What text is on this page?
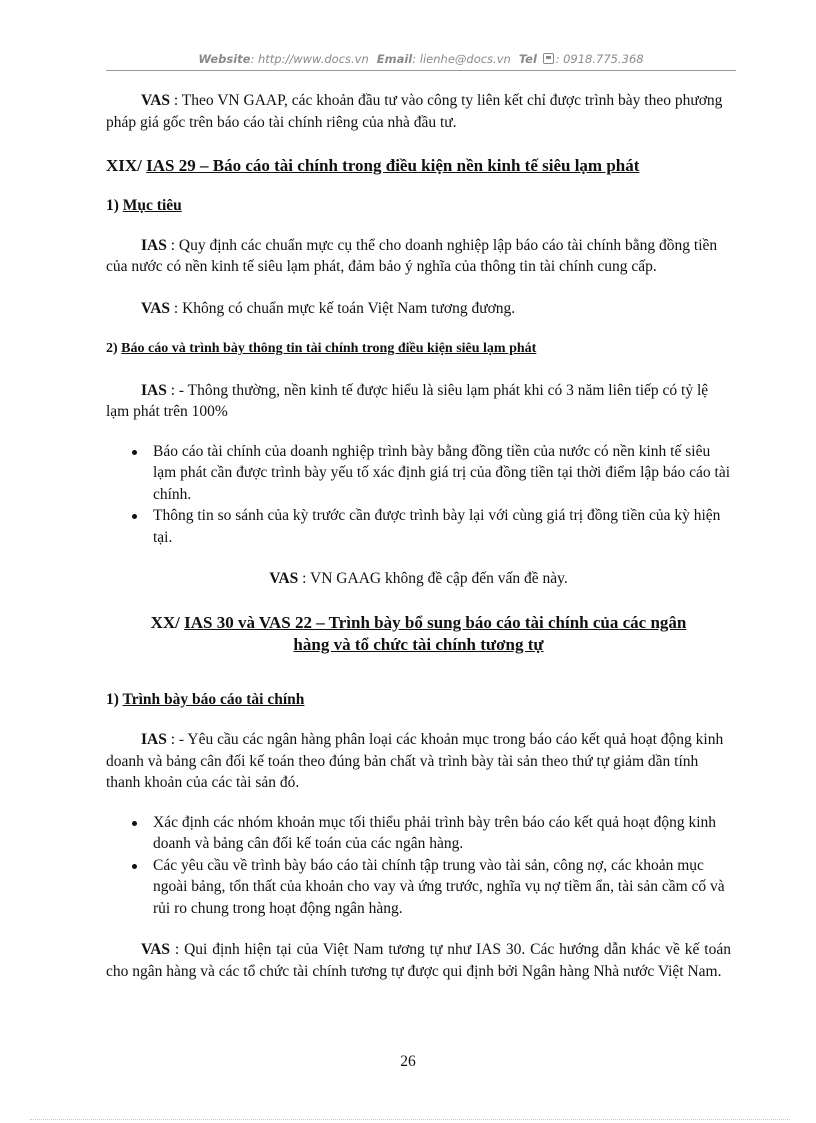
Website: http://www.docs.vn Email: lienhe@docs.vn Tel : 0918.775.368

VAS : Theo VN GAAP, các khoản đầu tư vào công ty liên kết chỉ được trình bày theo phương pháp giá gốc trên báo cáo tài chính riêng của nhà đầu tư.

XIX/ IAS 29 – Báo cáo tài chính trong điều kiện nền kinh tế siêu lạm phát

1) Mục tiêu

IAS : Quy định các chuẩn mực cụ thể cho doanh nghiệp lập báo cáo tài chính bằng đồng tiền của nước có nền kinh tế siêu lạm phát, đảm bảo ý nghĩa của thông tin tài chính cung cấp.

VAS : Không có chuẩn mực kế toán Việt Nam tương đương.

2) Báo cáo và trình bày thông tin tài chính trong điều kiện siêu lạm phát

IAS : - Thông thường, nền kinh tế được hiểu là siêu lạm phát khi có 3 năm liên tiếp có tỷ lệ lạm phát trên 100%

Báo cáo tài chính của doanh nghiệp trình bày bằng đồng tiền của nước có nền kinh tế siêu lạm phát cần được trình bày yếu tố xác định giá trị của đồng tiền tại thời điểm lập báo cáo tài chính.
Thông tin so sánh của kỳ trước cần được trình bày lại với cùng giá trị đồng tiền của kỳ hiện tại.

VAS : VN GAAG không đề cập đến vấn đề này.

XX/ IAS 30 và VAS 22 – Trình bày bổ sung báo cáo tài chính của các ngân
hàng và tổ chức tài chính tương tự

1) Trình bày báo cáo tài chính

IAS : - Yêu cầu các ngân hàng phân loại các khoản mục trong báo cáo kết quả hoạt động kinh doanh và bảng cân đối kế toán theo đúng bản chất và trình bày tài sản theo thứ tự giảm dần tính thanh khoản của các tài sản đó.

Xác định các nhóm khoản mục tối thiểu phải trình bày trên báo cáo kết quả hoạt động kinh doanh và bảng cân đối kế toán của các ngân hàng.
Các yêu cầu về trình bày báo cáo tài chính tập trung vào tài sản, công nợ, các khoản mục ngoài bảng, tổn thất của khoản cho vay và ứng trước, nghĩa vụ nợ tiềm ẩn, tài sản cầm cố và rủi ro chung trong hoạt động ngân hàng.

VAS : Qui định hiện tại của Việt Nam tương tự như IAS 30. Các hướng dẫn khác về kế toán cho ngân hàng và các tổ chức tài chính tương tự được qui định bởi Ngân hàng Nhà nước Việt Nam.

26
